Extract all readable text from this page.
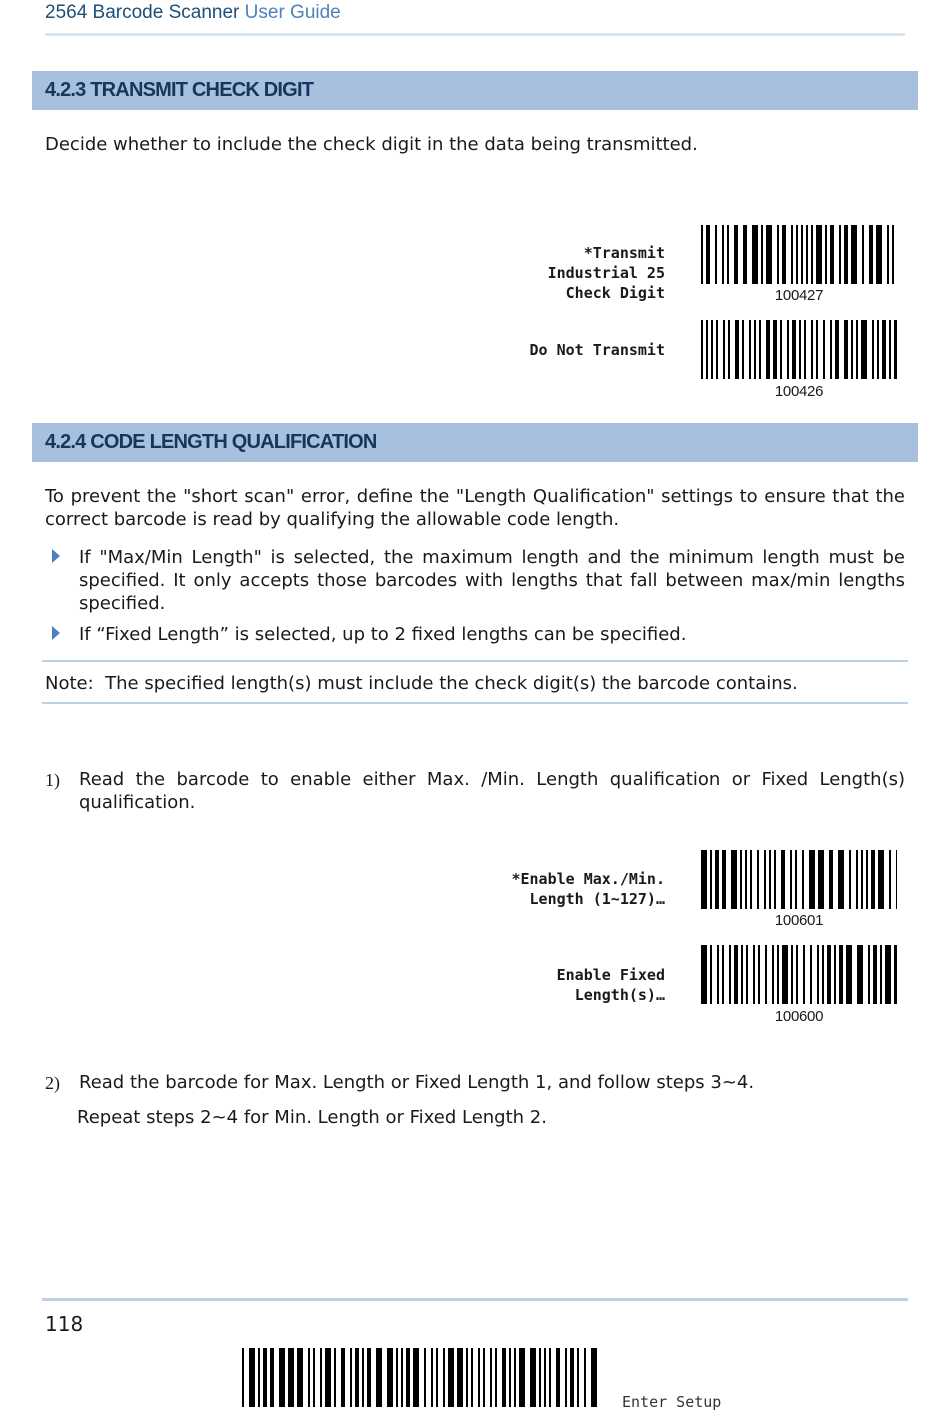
2564 Barcode Scanner User Guide
4.2.3 TRANSMIT CHECK DIGIT
Decide whether to include the check digit in the data being transmitted.
*Transmit
Industrial 25
Check Digit	100427
Do Not Transmit
100426
4.2.4 CODE LENGTH QUALIFICATION
To prevent the "short scan" error, define the "Length Qualification" settings to ensure that the correct barcode is read by qualifying the allowable code length.
If "Max/Min Length" is selected, the maximum length and the minimum length must be specified. It only accepts those barcodes with lengths that fall between max/min lengths specified.
If “Fixed Length” is selected, up to 2 fixed lengths can be specified.
Note: The specified length(s) must include the check digit(s) the barcode contains.
1) Read the barcode to enable either Max. /Min. Length qualification or Fixed Length(s) qualification.
*Enable Max./Min.
Length (1~127)…
100601
Enable Fixed
Length(s)…
100600
2) Read the barcode for Max. Length or Fixed Length 1, and follow steps 3~4.
Repeat steps 2~4 for Min. Length or Fixed Length 2.
118
Enter Setup
